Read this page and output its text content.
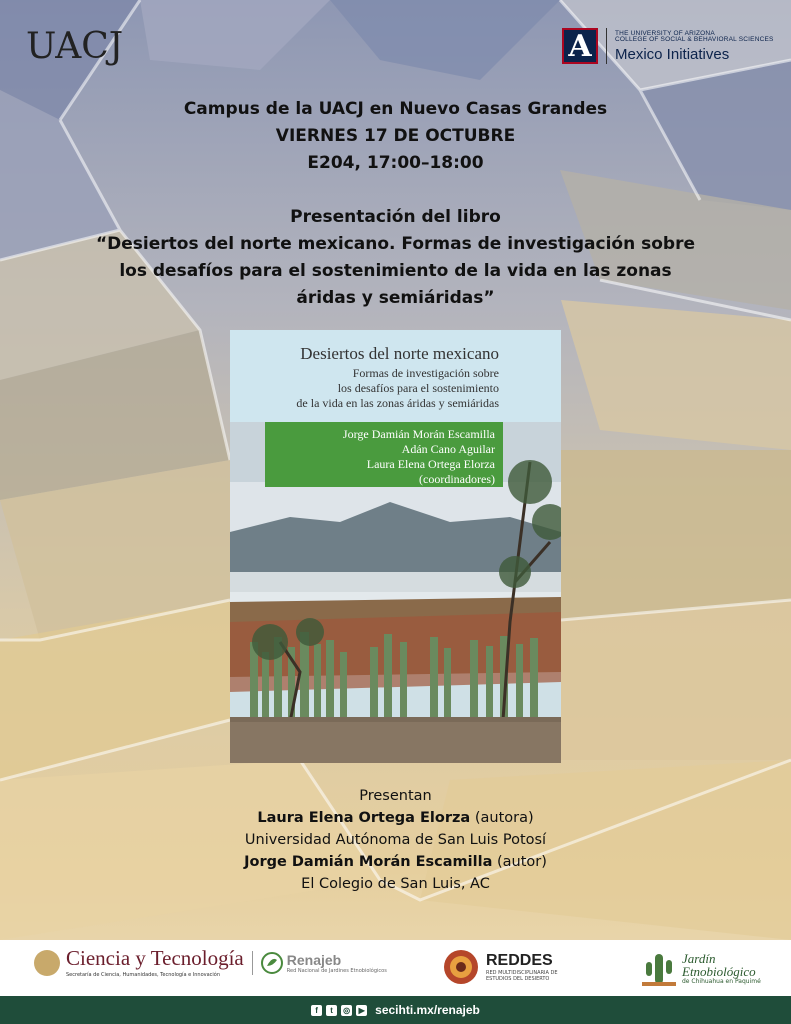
UACJ	A	THE UNIVERSITY OF ARIZONA
COLLEGE OF SOCIAL & BEHAVIORAL SCIENCES
Mexico Initiatives
Campus de la UACJ en Nuevo Casas Grandes
VIERNES 17 DE OCTUBRE
E204, 17:00–18:00
Presentación del libro
“Desiertos del norte mexicano. Formas de investigación sobre
los desafíos para el sostenimiento de la vida en las zonas
áridas y semiáridas”
Desiertos del norte mexicano
Formas de investigación sobre
los desafíos para el sostenimiento
de la vida en las zonas áridas y semiáridas
Jorge Damián Morán Escamilla
Adán Cano Aguilar
Laura Elena Ortega Elorza
(coordinadores)
Presentan
Laura Elena Ortega Elorza (autora)
Universidad Autónoma de San Luis Potosí
Jorge Damián Morán Escamilla (autor)
El Colegio de San Luis, AC
Ciencia y Tecnología
Secretaría de Ciencia, Humanidades, Tecnología e Innovación
Renajeb
Red Nacional de Jardines Etnobiológicos
REDDES
RED MULTIDISCIPLINARIA DE ESTUDIOS DEL DESIERTO
Jardín
Etnobiológico
de Chihuahua en Paquimé
f	t	◎	▶ secihti.mx/renajeb
